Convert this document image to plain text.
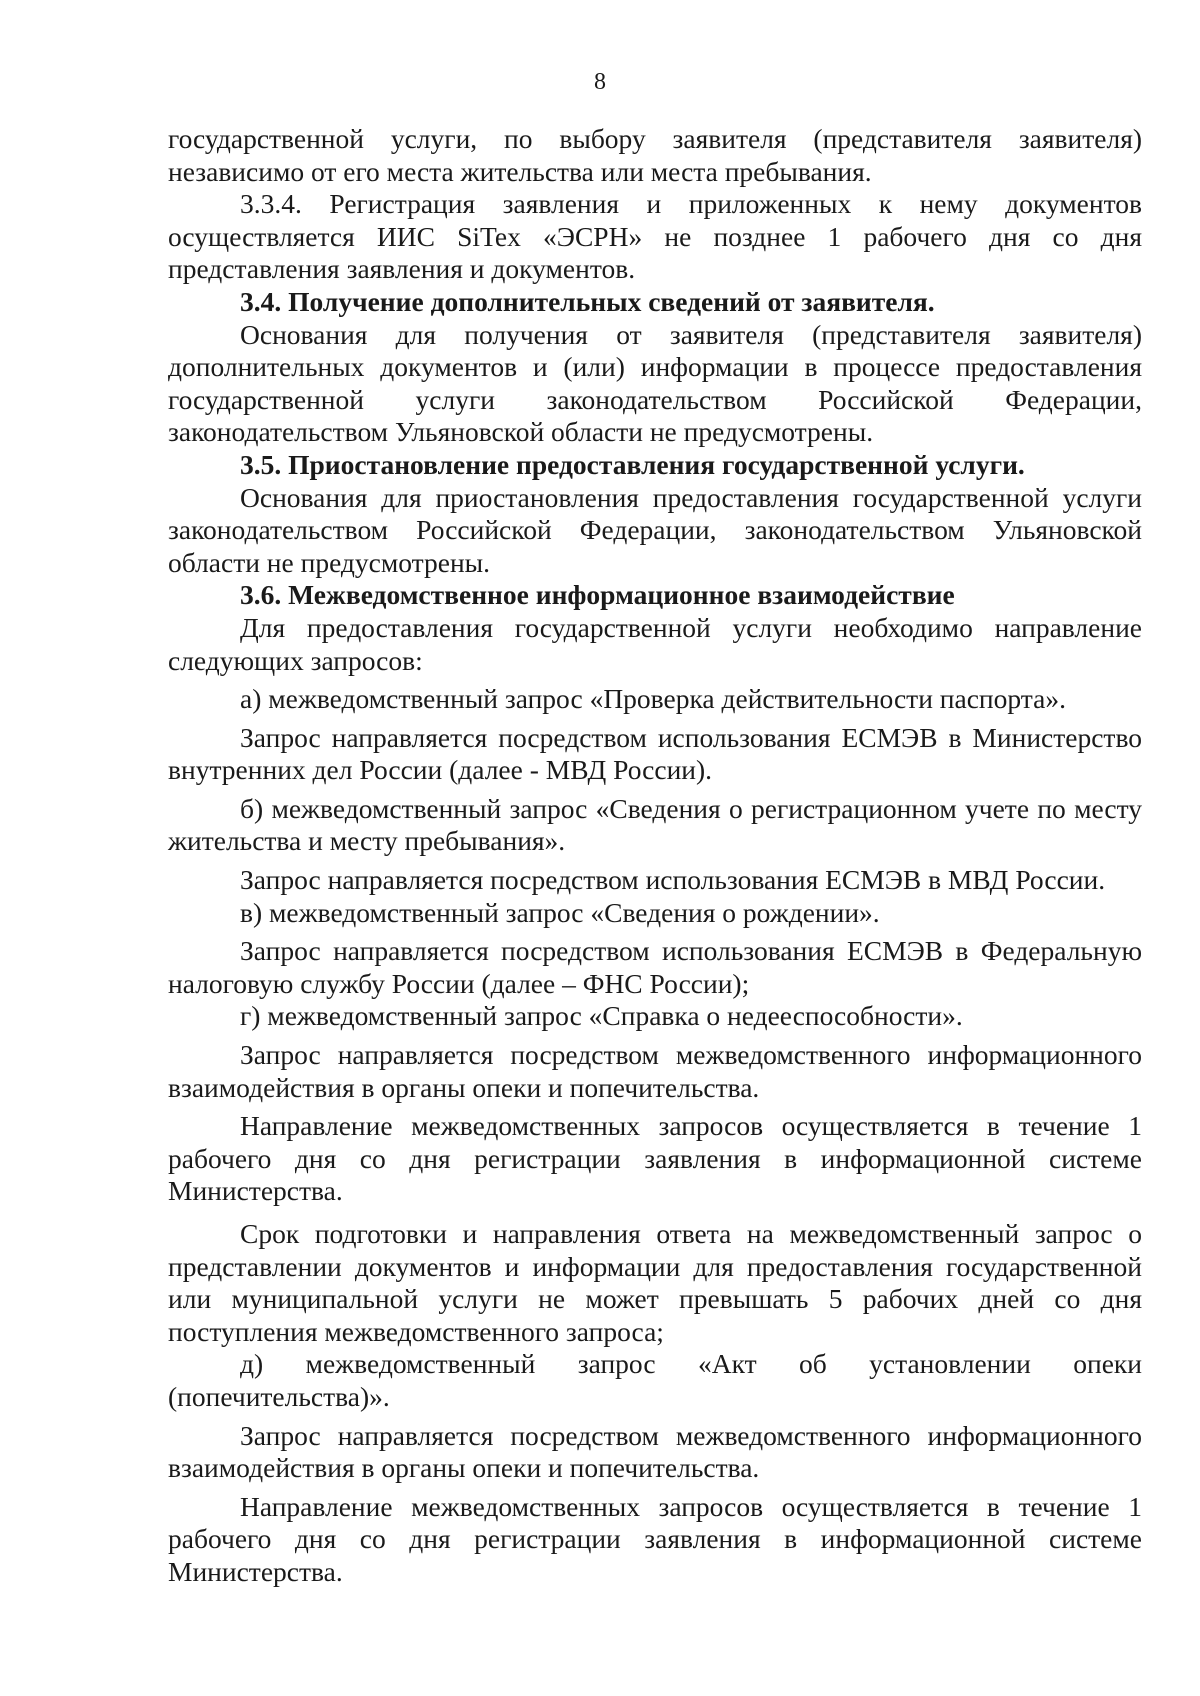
8

государственной услуги, по выбору заявителя (представителя заявителя) независимо от его места жительства или места пребывания.

3.3.4. Регистрация заявления и приложенных к нему документов осуществляется ИИС SiTex «ЭСРН» не позднее 1 рабочего дня со дня представления заявления и документов.

3.4. Получение дополнительных сведений от заявителя.

Основания для получения от заявителя (представителя заявителя) дополнительных документов и (или) информации в процессе предоставления государственной услуги законодательством Российской Федерации, законодательством Ульяновской области не предусмотрены.

3.5. Приостановление предоставления государственной услуги.

Основания для приостановления предоставления государственной услуги законодательством Российской Федерации, законодательством Ульяновской области не предусмотрены.

3.6. Межведомственное информационное взаимодействие

Для предоставления государственной услуги необходимо направление следующих запросов:

а) межведомственный запрос «Проверка действительности паспорта».

Запрос направляется посредством использования ЕСМЭВ в Министерство внутренних дел России (далее - МВД России).

б) межведомственный запрос «Сведения о регистрационном учете по месту жительства и месту пребывания».

Запрос направляется посредством использования ЕСМЭВ в МВД России.

в) межведомственный запрос «Сведения о рождении».

Запрос направляется посредством использования ЕСМЭВ в Федеральную налоговую службу России (далее – ФНС России);

г) межведомственный запрос «Справка о недееспособности».

Запрос направляется посредством межведомственного информационного взаимодействия в органы опеки и попечительства.

Направление межведомственных запросов осуществляется в течение 1 рабочего дня со дня регистрации заявления в информационной системе Министерства.

Срок подготовки и направления ответа на межведомственный запрос о представлении документов и информации для предоставления государственной или муниципальной услуги не может превышать 5 рабочих дней со дня поступления межведомственного запроса;

д) межведомственный запрос «Акт об установлении опеки (попечительства)».

Запрос направляется посредством межведомственного информационного взаимодействия в органы опеки и попечительства.

Направление межведомственных запросов осуществляется в течение 1 рабочего дня со дня регистрации заявления в информационной системе Министерства.
